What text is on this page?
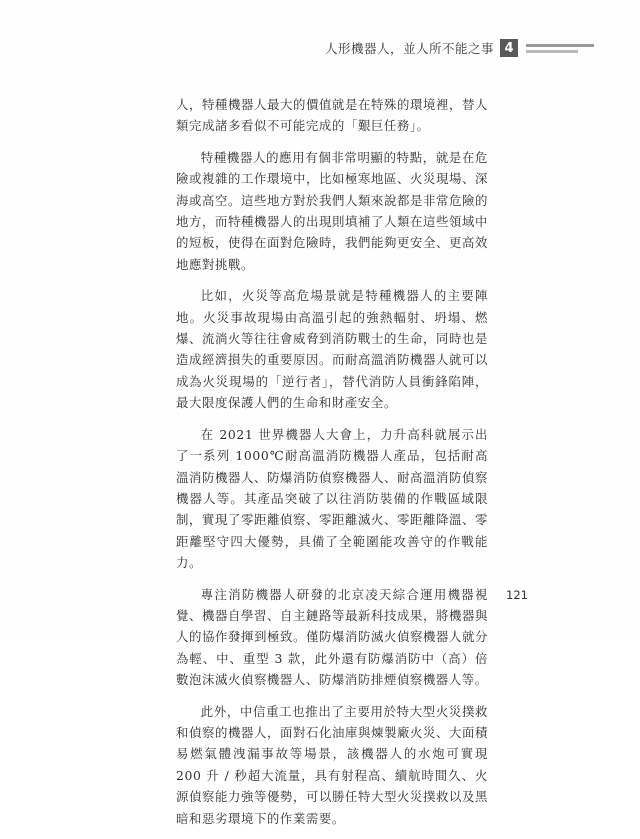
人形機器人，並人所不能之事 4

人，特種機器人最大的價值就是在特殊的環境裡，替人類完成諸多看似不可能完成的「艱巨任務」。

特種機器人的應用有個非常明顯的特點，就是在危險或複雜的工作環境中，比如極寒地區、火災現場、深海或高空。這些地方對於我們人類來說都是非常危險的地方，而特種機器人的出現則填補了人類在這些領域中的短板，使得在面對危險時，我們能夠更安全、更高效地應對挑戰。

比如，火災等高危場景就是特種機器人的主要陣地。火災事故現場由高溫引起的強熱輻射、坍塌、燃爆、流淌火等往往會威脅到消防戰士的生命，同時也是造成經濟損失的重要原因。而耐高溫消防機器人就可以成為火災現場的「逆行者」，替代消防人員衝鋒陷陣，最大限度保護人們的生命和財產安全。

在 2021 世界機器人大會上，力升高科就展示出了一系列 1000℃耐高溫消防機器人產品，包括耐高溫消防機器人、防爆消防偵察機器人、耐高溫消防偵察機器人等。其產品突破了以往消防裝備的作戰區域限制，實現了零距離偵察、零距離滅火、零距離降溫、零距離堅守四大優勢，具備了全範圍能攻善守的作戰能力。

專注消防機器人研發的北京凌天綜合運用機器視覺、機器自學習、自主鏈路等最新科技成果，將機器與人的協作發揮到極致。僅防爆消防滅火偵察機器人就分為輕、中、重型 3 款，此外還有防爆消防中（高）倍數泡沫滅火偵察機器人、防爆消防排煙偵察機器人等。

此外，中信重工也推出了主要用於特大型火災撲救和偵察的機器人，面對石化油庫與煉製廠火災、大面積易燃氣體洩漏事故等場景，該機器人的水炮可實現 200 升 / 秒超大流量，具有射程高、續航時間久、火源偵察能力強等優勢，可以勝任特大型火災撲救以及黑暗和惡劣環境下的作業需要。

121
